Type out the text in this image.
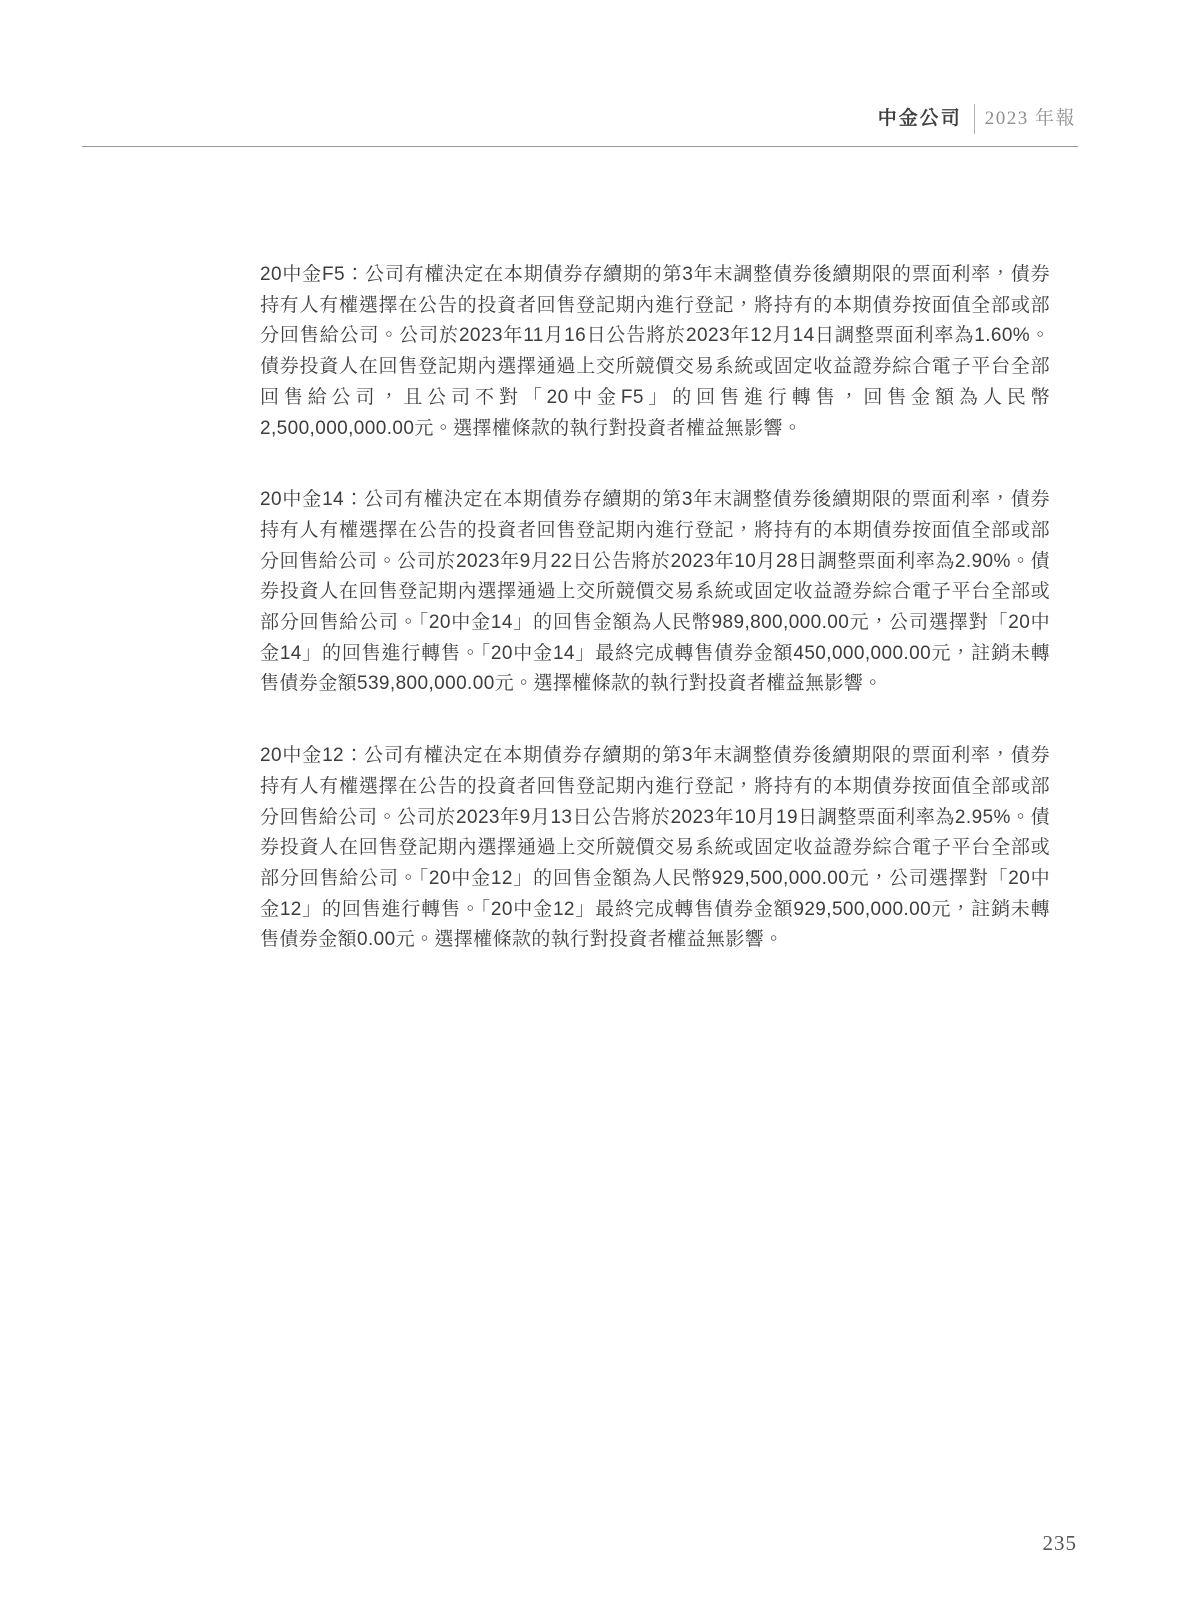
中金公司 2023 年報

20中金F5：公司有權決定在本期債券存續期的第3年末調整債券後續期限的票面利率，債券持有人有權選擇在公告的投資者回售登記期內進行登記，將持有的本期債券按面值全部或部分回售給公司。公司於2023年11月16日公告將於2023年12月14日調整票面利率為1.60%。債券投資人在回售登記期內選擇通過上交所競價交易系統或固定收益證券綜合電子平台全部回售給公司，且公司不對「20中金F5」的回售進行轉售，回售金額為人民幣2,500,000,000.00元。選擇權條款的執行對投資者權益無影響。

20中金14：公司有權決定在本期債券存續期的第3年末調整債券後續期限的票面利率，債券持有人有權選擇在公告的投資者回售登記期內進行登記，將持有的本期債券按面值全部或部分回售給公司。公司於2023年9月22日公告將於2023年10月28日調整票面利率為2.90%。債券投資人在回售登記期內選擇通過上交所競價交易系統或固定收益證券綜合電子平台全部或部分回售給公司。「20中金14」的回售金額為人民幣989,800,000.00元，公司選擇對「20中金14」的回售進行轉售。「20中金14」最終完成轉售債券金額450,000,000.00元，註銷未轉售債券金額539,800,000.00元。選擇權條款的執行對投資者權益無影響。

20中金12：公司有權決定在本期債券存續期的第3年末調整債券後續期限的票面利率，債券持有人有權選擇在公告的投資者回售登記期內進行登記，將持有的本期債券按面值全部或部分回售給公司。公司於2023年9月13日公告將於2023年10月19日調整票面利率為2.95%。債券投資人在回售登記期內選擇通過上交所競價交易系統或固定收益證券綜合電子平台全部或部分回售給公司。「20中金12」的回售金額為人民幣929,500,000.00元，公司選擇對「20中金12」的回售進行轉售。「20中金12」最終完成轉售債券金額929,500,000.00元，註銷未轉售債券金額0.00元。選擇權條款的執行對投資者權益無影響。

235
